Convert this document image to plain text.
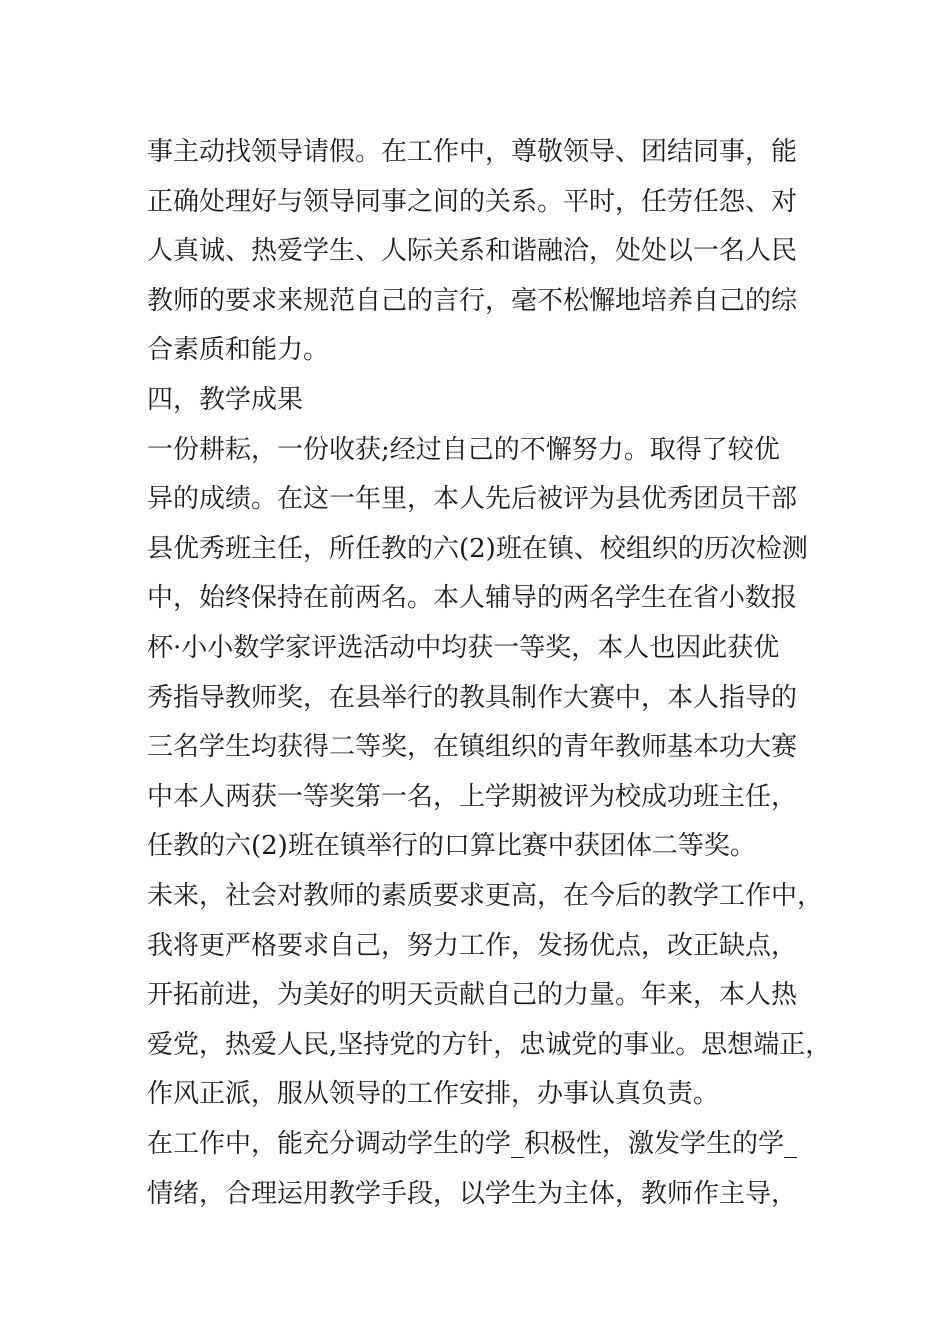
事主动找领导请假。在工作中，尊敬领导、团结同事，能
正确处理好与领导同事之间的关系。平时，任劳任怨、对
人真诚、热爱学生、人际关系和谐融洽，处处以一名人民
教师的要求来规范自己的言行，毫不松懈地培养自己的综
合素质和能力。
四，教学成果
一份耕耘，一份收获;经过自己的不懈努力。取得了较优
异的成绩。在这一年里，本人先后被评为县优秀团员干部
县优秀班主任，所任教的六(2)班在镇、校组织的历次检测
中，始终保持在前两名。本人辅导的两名学生在省小数报
杯·小小数学家评选活动中均获一等奖，本人也因此获优
秀指导教师奖，在县举行的教具制作大赛中，本人指导的
三名学生均获得二等奖，在镇组织的青年教师基本功大赛
中本人两获一等奖第一名，上学期被评为校成功班主任，
任教的六(2)班在镇举行的口算比赛中获团体二等奖。
未来，社会对教师的素质要求更高，在今后的教学工作中，
我将更严格要求自己，努力工作，发扬优点，改正缺点，
开拓前进，为美好的明天贡献自己的力量。年来，本人热
爱党，热爱人民,坚持党的方针，忠诚党的事业。思想端正，
作风正派，服从领导的工作安排，办事认真负责。
在工作中，能充分调动学生的学_积极性，激发学生的学_
情绪，合理运用教学手段，以学生为主体，教师作主导，
